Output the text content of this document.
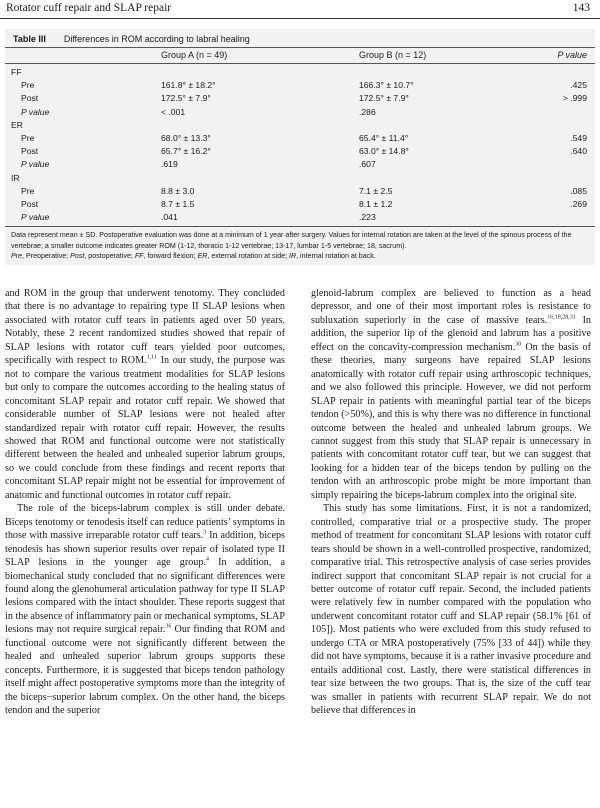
Rotator cuff repair and SLAP repair	143
Table III Differences in ROM according to labral healing
Group A (n = 49)	Group B (n = 12)	P value
FF
Pre	161.8° ± 18.2°	166.3° ± 10.7°	.425
Post	172.5° ± 7.9°	172.5° ± 7.9°	> .999
P value	< .001	.286
ER
Pre	68.0° ± 13.3°	65.4° ± 11.4°	.549
Post	65.7° ± 16.2°	63.0° ± 14.8°	.640
P value	.619	.607
IR
Pre	8.8 ± 3.0	7.1 ± 2.5	.085
Post	8.7 ± 1.5	8.1 ± 1.2	.269
P value	.041	.223
Data represent mean ± SD. Postoperative evaluation was done at a minimum of 1 year after surgery. Values for internal rotation are taken at the level of the spinous process of the vertebrae; a smaller outcome indicates greater ROM (1-12, thoracic 1-12 vertebrae; 13-17, lumbar 1-5 vertebrae; 18, sacrum).
Pre, Preoperative; Post, postoperative; FF, forward flexion; ER, external rotation at side; IR, internal rotation at back.

and ROM in the group that underwent tenotomy. They concluded that there is no advantage to repairing type II SLAP lesions when associated with rotator cuff tears in patients aged over 50 years. Notably, these 2 recent randomized studies showed that repair of SLAP lesions with rotator cuff tears yielded poor outcomes, specifically with respect to ROM.$^{1,11}$ In our study, the purpose was not to compare the various treatment modalities for SLAP lesions but only to compare the outcomes according to the healing status of concomitant SLAP repair and rotator cuff repair. We showed that considerable number of SLAP lesions were not healed after standardized repair with rotator cuff repair. However, the results showed that ROM and functional outcome were not statistically different between the healed and unhealed superior labrum groups, so we could conclude from these findings and recent reports that concomitant SLAP repair might not be essential for improvement of anatomic and functional outcomes in rotator cuff repair.

The role of the biceps-labrum complex is still under debate. Biceps tenotomy or tenodesis itself can reduce patients’ symptoms in those with massive irreparable rotator cuff tears.$^3$ In addition, biceps tenodesis has shown superior results over repair of isolated type II SLAP lesions in the younger age group.$^4$ In addition, a biomechanical study concluded that no significant differences were found along the glenohumeral articulation pathway for type II SLAP lesions compared with the intact shoulder. These reports suggest that in the absence of inflammatory pain or mechanical symptoms, SLAP lesions may not require surgical repair.$^{36}$ Our finding that ROM and functional outcome were not significantly different between the healed and unhealed superior labrum groups supports these concepts. Furthermore, it is suggested that biceps tendon pathology itself might affect postoperative symptoms more than the integrity of the biceps−superior labrum complex. On the other hand, the biceps tendon and the superior

glenoid-labrum complex are believed to function as a head depressor, and one of their most important roles is resistance to subluxation superiorly in the case of massive tears.$^{16,18,28,31}$ In addition, the superior lip of the glenoid and labrum has a positive effect on the concavity-compression mechanism.$^{30}$ On the basis of these theories, many surgeons have repaired SLAP lesions anatomically with rotator cuff repair using arthroscopic techniques, and we also followed this principle. However, we did not perform SLAP repair in patients with meaningful partial tear of the biceps tendon (>50%), and this is why there was no difference in functional outcome between the healed and unhealed labrum groups. We cannot suggest from this study that SLAP repair is unnecessary in patients with concomitant rotator cuff tear, but we can suggest that looking for a hidden tear of the biceps tendon by pulling on the tendon with an arthroscopic probe might be more important than simply repairing the biceps-labrum complex into the original site.

This study has some limitations. First, it is not a randomized, controlled, comparative trial or a prospective study. The proper method of treatment for concomitant SLAP lesions with rotator cuff tears should be shown in a well-controlled prospective, randomized, comparative trial. This retrospective analysis of case series provides indirect support that concomitant SLAP repair is not crucial for a better outcome of rotator cuff repair. Second, the included patients were relatively few in number compared with the population who underwent concomitant rotator cuff and SLAP repair (58.1% [61 of 105]). Most patients who were excluded from this study refused to undergo CTA or MRA postoperatively (75% [33 of 44]) while they did not have symptoms, because it is a rather invasive procedure and entails additional cost. Lastly, there were statistical differences in tear size between the two groups. That is, the size of the cuff tear was smaller in patients with recurrent SLAP repair. We do not believe that differences in
